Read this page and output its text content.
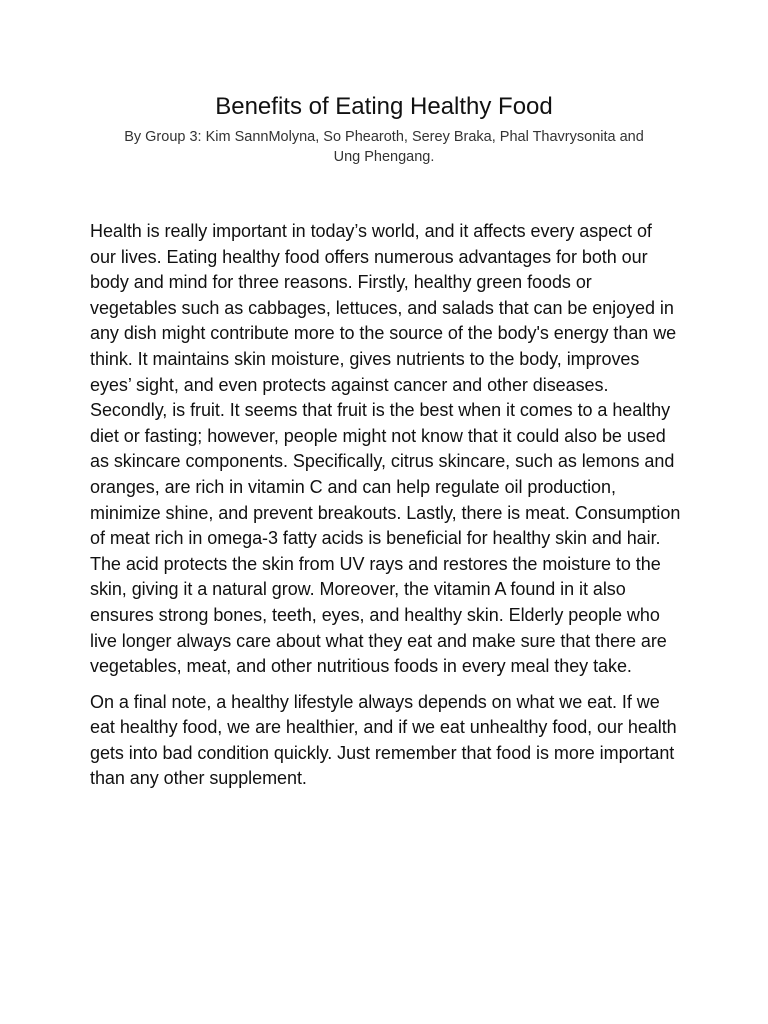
Benefits of Eating Healthy Food

By Group 3: Kim SannMolyna, So Phearoth, Serey Braka, Phal Thavrysonita and Ung Phengang.

Health is really important in today’s world, and it affects every aspect of our lives. Eating healthy food offers numerous advantages for both our body and mind for three reasons. Firstly, healthy green foods or vegetables such as cabbages, lettuces, and salads that can be enjoyed in any dish might contribute more to the source of the body's energy than we think. It maintains skin moisture, gives nutrients to the body, improves eyes’ sight, and even protects against cancer and other diseases. Secondly, is fruit. It seems that fruit is the best when it comes to a healthy diet or fasting; however, people might not know that it could also be used as skincare components. Specifically, citrus skincare, such as lemons and oranges, are rich in vitamin C and can help regulate oil production, minimize shine, and prevent breakouts. Lastly, there is meat. Consumption of meat rich in omega-3 fatty acids is beneficial for healthy skin and hair. The acid protects the skin from UV rays and restores the moisture to the skin, giving it a natural grow. Moreover, the vitamin A found in it also ensures strong bones, teeth, eyes, and healthy skin. Elderly people who live longer always care about what they eat and make sure that there are vegetables, meat, and other nutritious foods in every meal they take.

On a final note, a healthy lifestyle always depends on what we eat. If we eat healthy food, we are healthier, and if we eat unhealthy food, our health gets into bad condition quickly. Just remember that food is more important than any other supplement.
